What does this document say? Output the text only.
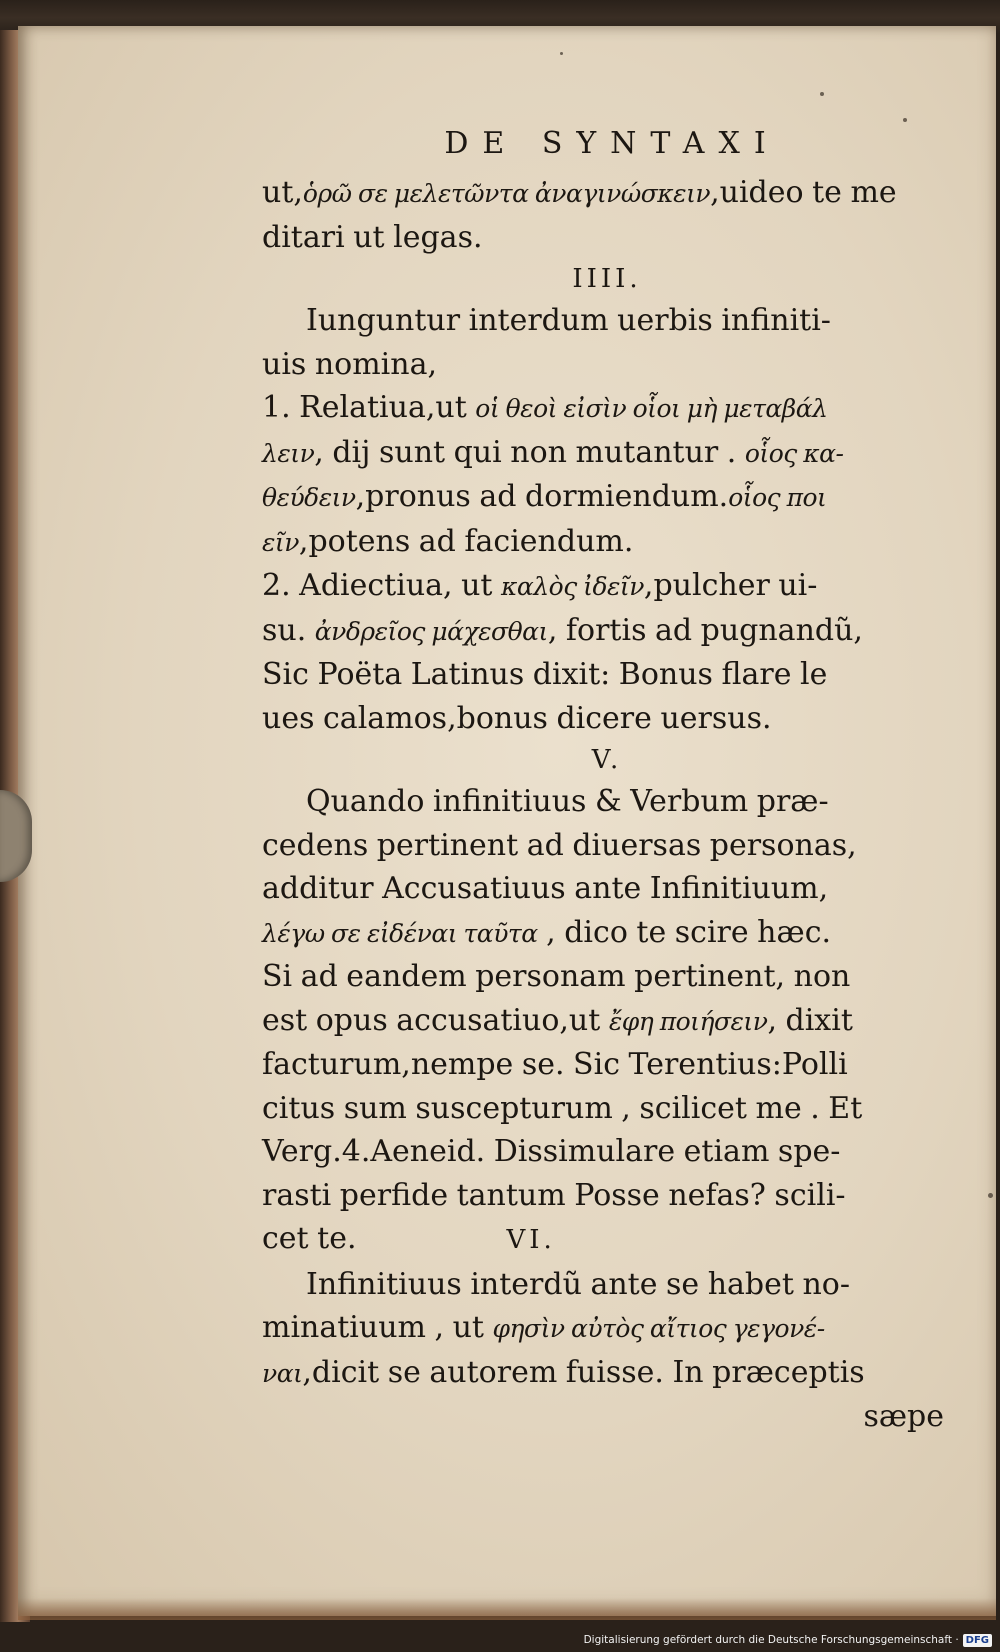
DE SYNTAXI
ut,ὁρῶ σε μελετῶντα ἀναγινώσκειν,uideo te me
ditari ut legas.
IIII.
Iunguntur interdum uerbis infiniti-
uis nomina,
1. Relatiua,ut οἱ θεοὶ εἰσὶν οἷοι μὴ μεταβάλ
λειν, dij sunt qui non mutantur . οἷος κα-
θεύδειν,pronus ad dormiendum.οἷος ποι
εῖν,potens ad faciendum.
2. Adiectiua, ut καλὸς ἰδεῖν,pulcher ui-
su. ἀνδρεῖος μάχεσθαι, fortis ad pugnandũ,
Sic Poëta Latinus dixit: Bonus flare le
ues calamos,bonus dicere uersus.
V.
Quando infinitiuus & Verbum præ-
cedens pertinent ad diuersas personas,
additur Accusatiuus ante Infinitiuum,
λέγω σε εἰδέναι ταῦτα , dico te scire hæc.
Si ad eandem personam pertinent, non
est opus accusatiuo,ut ἔφη ποιήσειν, dixit
facturum,nempe se. Sic Terentius:Polli
citus sum suscepturum , scilicet me . Et
Verg.4.Aeneid. Dissimulare etiam spe-
rasti perfide tantum Posse nefas? scili-
cet te.	VI.
Infinitiuus interdũ ante se habet no-
minatiuum , ut φησὶν αὐτὸς αἴτιος γεγονέ-
ναι,dicit se autorem fuisse. In præceptis
sæpe
Digitalisierung gefördert durch die Deutsche Forschungsgemeinschaft · DFG
